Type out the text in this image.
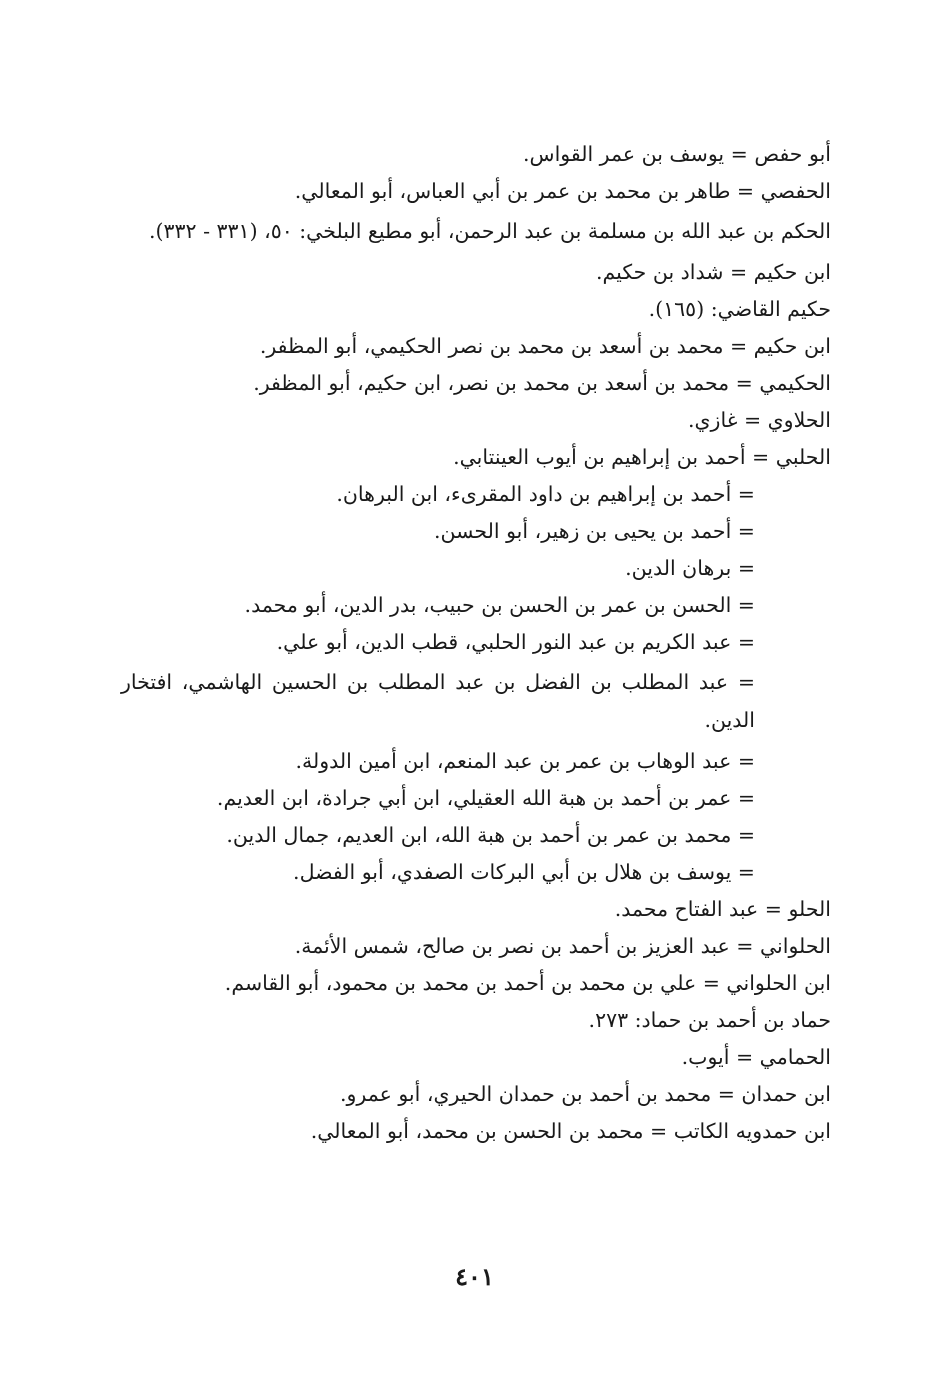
أبو حفص = يوسف بن عمر القواس.
الحفصي = طاهر بن محمد بن عمر بن أبي العباس، أبو المعالي.
الحكم بن عبد الله بن مسلمة بن عبد الرحمن، أبو مطيع البلخي: ٥٠، (٣٣١ - ٣٣٢).
ابن حكيم = شداد بن حكيم.
حكيم القاضي: (١٦٥).
ابن حكيم = محمد بن أسعد بن محمد بن نصر الحكيمي، أبو المظفر.
الحكيمي = محمد بن أسعد بن محمد بن نصر، ابن حكيم، أبو المظفر.
الحلاوي = غازي.
الحلبي = أحمد بن إبراهيم بن أيوب العينتابي.
= أحمد بن إبراهيم بن داود المقرىء، ابن البرهان.
= أحمد بن يحيى بن زهير، أبو الحسن.
= برهان الدين.
= الحسن بن عمر بن الحسن بن حبيب، بدر الدين، أبو محمد.
= عبد الكريم بن عبد النور الحلبي، قطب الدين، أبو علي.
= عبد المطلب بن الفضل بن عبد المطلب بن الحسين الهاشمي، افتخار الدين.
= عبد الوهاب بن عمر بن عبد المنعم، ابن أمين الدولة.
= عمر بن أحمد بن هبة الله العقيلي، ابن أبي جرادة، ابن العديم.
= محمد بن عمر بن أحمد بن هبة الله، ابن العديم، جمال الدين.
= يوسف بن هلال بن أبي البركات الصفدي، أبو الفضل.
الحلو = عبد الفتاح محمد.
الحلواني = عبد العزيز بن أحمد بن نصر بن صالح، شمس الأئمة.
ابن الحلواني = علي بن محمد بن أحمد بن محمد بن محمود، أبو القاسم.
حماد بن أحمد بن حماد: ٢٧٣.
الحمامي = أيوب.
ابن حمدان = محمد بن أحمد بن حمدان الحيري، أبو عمرو.
ابن حمدويه الكاتب = محمد بن الحسن بن محمد، أبو المعالي.
٤٠١
